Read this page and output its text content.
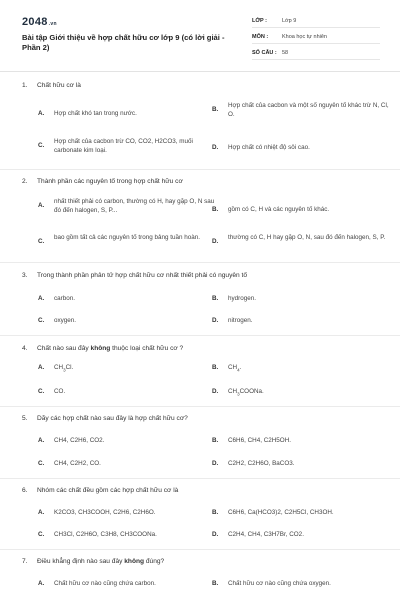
2048.vn
Bài tập Giới thiệu về hợp chất hữu cơ lớp 9 (có lời giải - Phần 2)
LỚP :	Lớp 9
MÔN :	Khoa học tự nhiên
SỐ CÂU : 58
1. Chất hữu cơ là
A. Hợp chất khó tan trong nước.
B.
Hợp chất của cacbon và một số nguyên tố khác trừ N, Cl, O.
C.
Hợp chất của cacbon trừ CO, CO2, H2CO3, muối carbonate kim loại.	D. Hợp chất có nhiệt độ sôi cao.
2. Thành phần các nguyên tố trong hợp chất hữu cơ
A.
nhất thiết phải có carbon, thường có H, hay gặp O, N sau đó đến halogen, S, P...	B. gồm có C, H và các nguyên tố khác.
C.
bao gồm tất cả các nguyên tố trong bảng tuần hoàn.
D.
thường có C, H hay gặp O, N, sau đó đến halogen, S, P.
3. Trong thành phần phân tử hợp chất hữu cơ nhất thiết phải có nguyên tố
A. carbon.	B. hydrogen.
C. oxygen.	D. nitrogen.
4. Chất nào sau đây không thuộc loại chất hữu cơ ?
A. $CH_3Cl$.	B. $CH_4$.
C. CO.	D. $CH_3COONa$.
5. Dãy các hợp chất nào sau đây là hợp chất hữu cơ?
A. CH4, C2H6, CO2.	B. C6H6, CH4, C2H5OH.
C. CH4, C2H2, CO.	D. C2H2, C2H6O, BaCO3.
6. Nhóm các chất đều gồm các hợp chất hữu cơ là
A. K2CO3, CH3COOH, C2H6, C2H6O.	B. C6H6, Ca(HCO3)2, C2H5Cl, CH3OH.
C. CH3Cl, C2H6O, C3H8, CH3COONa.	D. C2H4, CH4, C3H7Br, CO2.
7. Điều khẳng định nào sau đây không đúng?
A. Chất hữu cơ nào cũng chứa carbon.	B. Chất hữu cơ nào cũng chứa oxygen.
